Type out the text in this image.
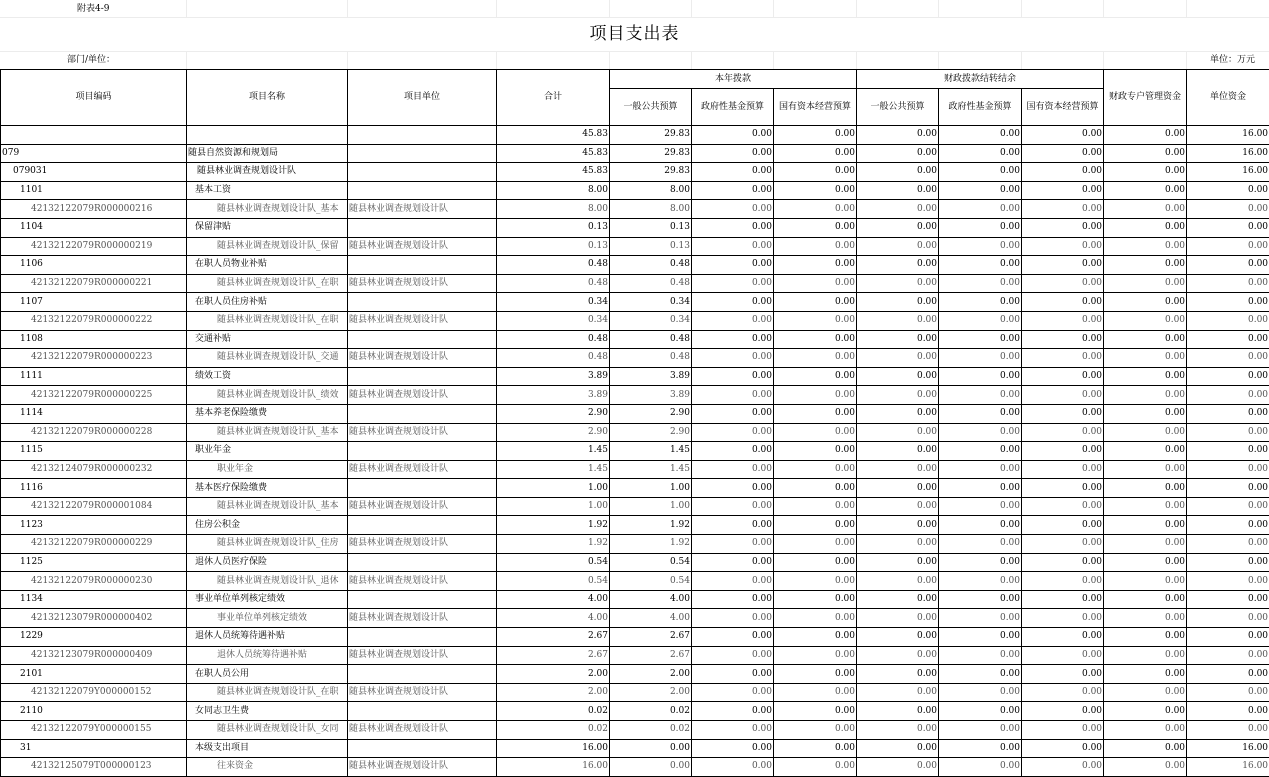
附表4-9
项目支出表
部门/单位：	单位：万元
项目编码	项目名称	项目单位	合计	本年拨款			财政拨款结转结余			财政专户管理资金	单位资金
				一般公共预算	政府性基金预算	国有资本经营预算	一般公共预算	政府性基金预算	国有资本经营预算		
			45.83	29.83	0.00	0.00	0.00	0.00	0.00	0.00	16.00
079	随县自然资源和规划局		45.83	29.83	0.00	0.00	0.00	0.00	0.00	0.00	16.00
079031	随县林业调查规划设计队		45.83	29.83	0.00	0.00	0.00	0.00	0.00	0.00	16.00
1101	基本工资		8.00	8.00	0.00	0.00	0.00	0.00	0.00	0.00	0.00
42132122079R000000216	随县林业调查规划设计队_基本	随县林业调查规划设计队	8.00	8.00	0.00	0.00	0.00	0.00	0.00	0.00	0.00
1104	保留津贴		0.13	0.13	0.00	0.00	0.00	0.00	0.00	0.00	0.00
42132122079R000000219	随县林业调查规划设计队_保留	随县林业调查规划设计队	0.13	0.13	0.00	0.00	0.00	0.00	0.00	0.00	0.00
1106	在职人员物业补贴		0.48	0.48	0.00	0.00	0.00	0.00	0.00	0.00	0.00
42132122079R000000221	随县林业调查规划设计队_在职	随县林业调查规划设计队	0.48	0.48	0.00	0.00	0.00	0.00	0.00	0.00	0.00
1107	在职人员住房补贴		0.34	0.34	0.00	0.00	0.00	0.00	0.00	0.00	0.00
42132122079R000000222	随县林业调查规划设计队_在职	随县林业调查规划设计队	0.34	0.34	0.00	0.00	0.00	0.00	0.00	0.00	0.00
1108	交通补贴		0.48	0.48	0.00	0.00	0.00	0.00	0.00	0.00	0.00
42132122079R000000223	随县林业调查规划设计队_交通	随县林业调查规划设计队	0.48	0.48	0.00	0.00	0.00	0.00	0.00	0.00	0.00
1111	绩效工资		3.89	3.89	0.00	0.00	0.00	0.00	0.00	0.00	0.00
42132122079R000000225	随县林业调查规划设计队_绩效	随县林业调查规划设计队	3.89	3.89	0.00	0.00	0.00	0.00	0.00	0.00	0.00
1114	基本养老保险缴费		2.90	2.90	0.00	0.00	0.00	0.00	0.00	0.00	0.00
42132122079R000000228	随县林业调查规划设计队_基本	随县林业调查规划设计队	2.90	2.90	0.00	0.00	0.00	0.00	0.00	0.00	0.00
1115	职业年金		1.45	1.45	0.00	0.00	0.00	0.00	0.00	0.00	0.00
42132124079R000000232	职业年金	随县林业调查规划设计队	1.45	1.45	0.00	0.00	0.00	0.00	0.00	0.00	0.00
1116	基本医疗保险缴费		1.00	1.00	0.00	0.00	0.00	0.00	0.00	0.00	0.00
42132122079R000001084	随县林业调查规划设计队_基本	随县林业调查规划设计队	1.00	1.00	0.00	0.00	0.00	0.00	0.00	0.00	0.00
1123	住房公积金		1.92	1.92	0.00	0.00	0.00	0.00	0.00	0.00	0.00
42132122079R000000229	随县林业调查规划设计队_住房	随县林业调查规划设计队	1.92	1.92	0.00	0.00	0.00	0.00	0.00	0.00	0.00
1125	退休人员医疗保险		0.54	0.54	0.00	0.00	0.00	0.00	0.00	0.00	0.00
42132122079R000000230	随县林业调查规划设计队_退休	随县林业调查规划设计队	0.54	0.54	0.00	0.00	0.00	0.00	0.00	0.00	0.00
1134	事业单位单列核定绩效		4.00	4.00	0.00	0.00	0.00	0.00	0.00	0.00	0.00
42132123079R000000402	事业单位单列核定绩效	随县林业调查规划设计队	4.00	4.00	0.00	0.00	0.00	0.00	0.00	0.00	0.00
1229	退休人员统筹待遇补贴		2.67	2.67	0.00	0.00	0.00	0.00	0.00	0.00	0.00
42132123079R000000409	退休人员统筹待遇补贴	随县林业调查规划设计队	2.67	2.67	0.00	0.00	0.00	0.00	0.00	0.00	0.00
2101	在职人员公用		2.00	2.00	0.00	0.00	0.00	0.00	0.00	0.00	0.00
42132122079Y000000152	随县林业调查规划设计队_在职	随县林业调查规划设计队	2.00	2.00	0.00	0.00	0.00	0.00	0.00	0.00	0.00
2110	女同志卫生费		0.02	0.02	0.00	0.00	0.00	0.00	0.00	0.00	0.00
42132122079Y000000155	随县林业调查规划设计队_女同	随县林业调查规划设计队	0.02	0.02	0.00	0.00	0.00	0.00	0.00	0.00	0.00
31	本级支出项目		16.00	0.00	0.00	0.00	0.00	0.00	0.00	0.00	16.00
42132125079T000000123	往来资金	随县林业调查规划设计队	16.00	0.00	0.00	0.00	0.00	0.00	0.00	0.00	16.00
